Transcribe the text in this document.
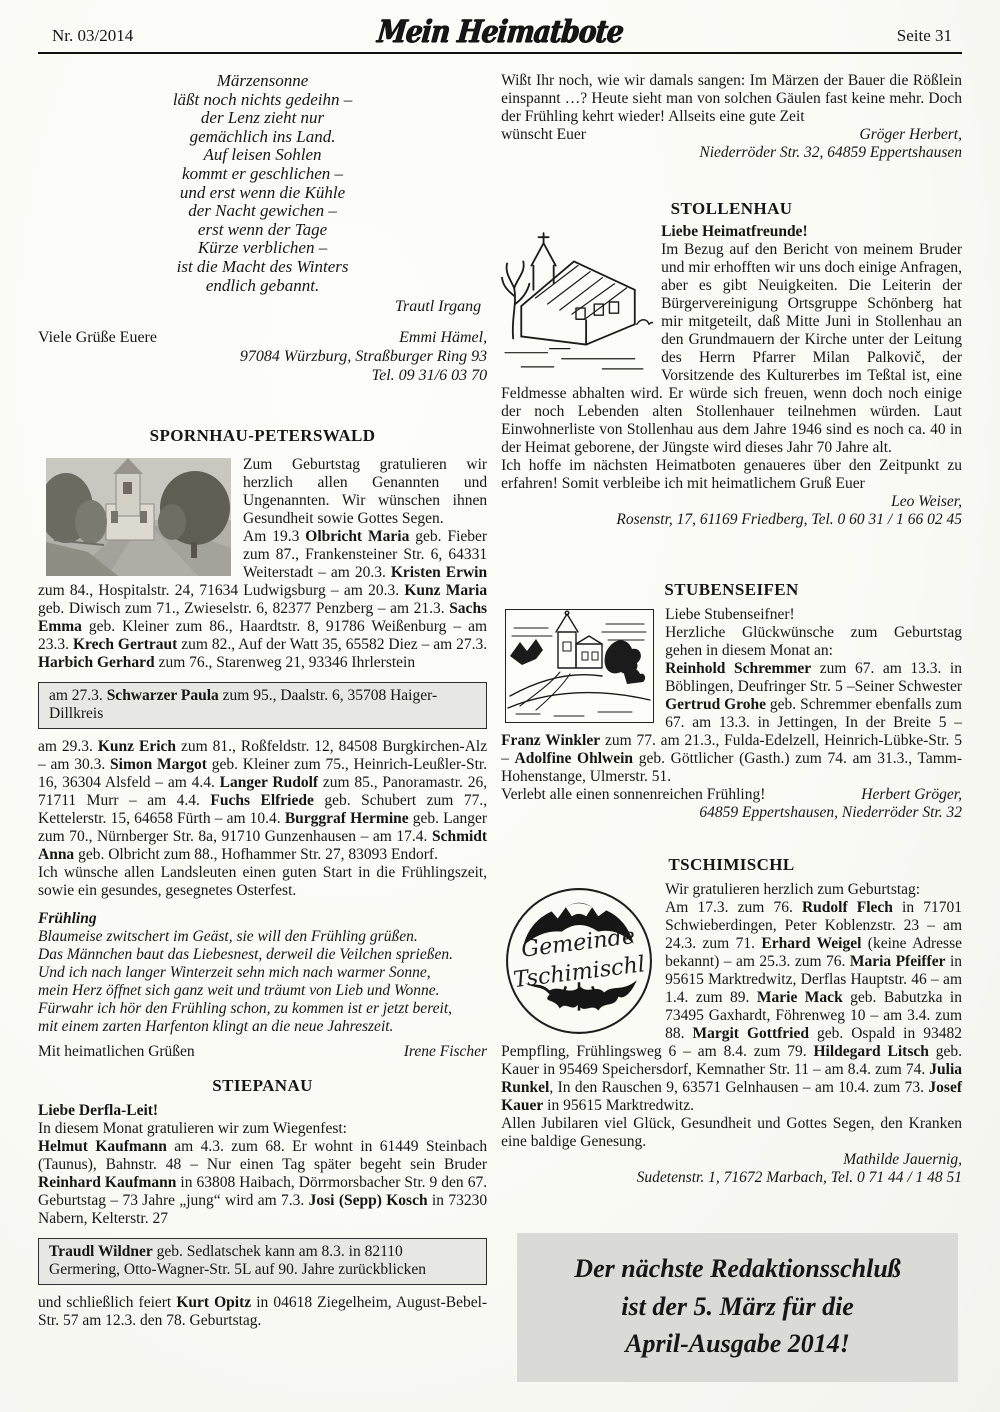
Nr. 03/2014	Mein Heimatbote	Seite 31
Märzensonne
läßt noch nichts gedeihn –
der Lenz zieht nur
gemächlich ins Land.
Auf leisen Sohlen
kommt er geschlichen –
und erst wenn die Kühle
der Nacht gewichen –
erst wenn der Tage
Kürze verblichen –
ist die Macht des Winters
endlich gebannt.
Trautl Irgang
Viele Grüße Euere	Emmi Hämel,
97084 Würzburg, Straßburger Ring 93
Tel. 09 31/6 03 70
SPORNHAU-PETERSWALD
Zum Geburtstag gratulieren wir herzlich allen Genannten und Ungenannten. Wir wünschen ihnen Gesundheit sowie Gottes Segen.
Am 19.3 Olbricht Maria geb. Fieber zum 87., Frankensteiner Str. 6, 64331 Weiterstadt – am 20.3. Kristen Erwin zum 84., Hospitalstr. 24, 71634 Ludwigsburg – am 20.3. Kunz Maria geb. Diwisch zum 71., Zwieselstr. 6, 82377 Penzberg – am 21.3. Sachs Emma geb. Kleiner zum 86., Haardtstr. 8, 91786 Weißenburg – am 23.3. Krech Gertraut zum 82., Auf der Watt 35, 65582 Diez – am 27.3. Harbich Gerhard zum 76., Starenweg 21, 93346 Ihrlerstein
am 27.3. Schwarzer Paula zum 95., Daalstr. 6, 35708 Haiger-Dillkreis
am 29.3. Kunz Erich zum 81., Roßfeldstr. 12, 84508 Burgkirchen-Alz – am 30.3. Simon Margot geb. Kleiner zum 75., Heinrich-Leußler-Str. 16, 36304 Alsfeld – am 4.4. Langer Rudolf zum 85., Panoramastr. 26, 71711 Murr – am 4.4. Fuchs Elfriede geb. Schubert zum 77., Kettelerstr. 15, 64658 Fürth – am 10.4. Burggraf Hermine geb. Langer zum 70., Nürnberger Str. 8a, 91710 Gunzenhausen – am 17.4. Schmidt Anna geb. Olbricht zum 88., Hofhammer Str. 27, 83093 Endorf.
Ich wünsche allen Landsleuten einen guten Start in die Frühlingszeit, sowie ein gesundes, gesegnetes Osterfest.
Frühling
Blaumeise zwitschert im Geäst, sie will den Frühling grüßen.
Das Männchen baut das Liebesnest, derweil die Veilchen sprießen.
Und ich nach langer Winterzeit sehn mich nach warmer Sonne,
mein Herz öffnet sich ganz weit und träumt von Lieb und Wonne.
Fürwahr ich hör den Frühling schon, zu kommen ist er jetzt bereit,
mit einem zarten Harfenton klingt an die neue Jahreszeit.
Mit heimatlichen Grüßen	Irene Fischer
STIEPANAU
Liebe Derfla-Leit!
In diesem Monat gratulieren wir zum Wiegenfest:
Helmut Kaufmann am 4.3. zum 68. Er wohnt in 61449 Steinbach (Taunus), Bahnstr. 48 – Nur einen Tag später begeht sein Bruder Reinhard Kaufmann in 63808 Haibach, Dörrmorsbacher Str. 9 den 67. Geburtstag – 73 Jahre „jung“ wird am 7.3. Josi (Sepp) Kosch in 73230 Nabern, Kelterstr. 27
Traudl Wildner geb. Sedlatschek kann am 8.3. in 82110 Germering, Otto-Wagner-Str. 5L auf 90. Jahre zurückblicken
und schließlich feiert Kurt Opitz in 04618 Ziegelheim, August-Bebel-Str. 57 am 12.3. den 78. Geburtstag.
Wißt Ihr noch, wie wir damals sangen: Im Märzen der Bauer die Rößlein einspannt …? Heute sieht man von solchen Gäulen fast keine mehr. Doch der Frühling kehrt wieder! Allseits eine gute Zeit
wünscht Euer	Gröger Herbert,
Niederröder Str. 32, 64859 Eppertshausen
STOLLENHAU
Liebe Heimatfreunde!
Im Bezug auf den Bericht von meinem Bruder und mir erhofften wir uns doch einige Anfragen, aber es gibt Neuigkeiten. Die Leiterin der Bürgervereinigung Ortsgruppe Schönberg hat mir mitgeteilt, daß Mitte Juni in Stollenhau an den Grundmauern der Kirche unter der Leitung des Herrn Pfarrer Milan Palkovič, der Vorsitzende des Kulturerbes im Teßtal ist, eine Feldmesse abhalten wird. Er würde sich freuen, wenn doch noch einige der noch Lebenden alten Stollenhauer teilnehmen würden. Laut Einwohnerliste von Stollenhau aus dem Jahre 1946 sind es noch ca. 40 in der Heimat geborene, der Jüngste wird dieses Jahr 70 Jahre alt.
Ich hoffe im nächsten Heimatboten genaueres über den Zeitpunkt zu erfahren! Somit verbleibe ich mit heimatlichem Gruß Euer
Leo Weiser,
Rosenstr, 17, 61169 Friedberg, Tel. 0 60 31 / 1 66 02 45
STUBENSEIFEN
Liebe Stubenseifner!
Herzliche Glückwünsche zum Geburtstag gehen in diesem Monat an:
Reinhold Schremmer zum 67. am 13.3. in Böblingen, Deufringer Str. 5 –Seiner Schwester Gertrud Grohe geb. Schremmer ebenfalls zum 67. am 13.3. in Jettingen, In der Breite 5 – Franz Winkler zum 77. am 21.3., Fulda-Edelzell, Heinrich-Lübke-Str. 5 – Adolfine Ohlwein geb. Göttlicher (Gasth.) zum 74. am 31.3., Tamm-Hohenstange, Ulmerstr. 51.
Verlebt alle einen sonnenreichen Frühling!	Herbert Gröger,
64859 Eppertshausen, Niederröder Str. 32
TSCHIMISCHL
Gemeinde
Tschimischl
Wir gratulieren herzlich zum Geburtstag:
Am 17.3. zum 76. Rudolf Flech in 71701 Schwieberdingen, Peter Koblenzstr. 23 – am 24.3. zum 71. Erhard Weigel (keine Adresse bekannt) – am 25.3. zum 76. Maria Pfeiffer in 95615 Marktredwitz, Derflas Hauptstr. 46 – am 1.4. zum 89. Marie Mack geb. Babutzka in 73495 Gaxhardt, Föhrenweg 10 – am 3.4. zum 88. Margit Gottfried geb. Ospald in 93482 Pempfling, Frühlingsweg 6 – am 8.4. zum 79. Hildegard Litsch geb. Kauer in 95469 Speichersdorf, Kemnather Str. 11 – am 8.4. zum 74. Julia Runkel, In den Rauschen 9, 63571 Gelnhausen – am 10.4. zum 73. Josef Kauer in 95615 Marktredwitz.
Allen Jubilaren viel Glück, Gesundheit und Gottes Segen, den Kranken eine baldige Genesung.
Mathilde Jauernig,
Sudetenstr. 1, 71672 Marbach, Tel. 0 71 44 / 1 48 51
Der nächste Redaktionsschluß
ist der 5. März für die
April-Ausgabe 2014!
